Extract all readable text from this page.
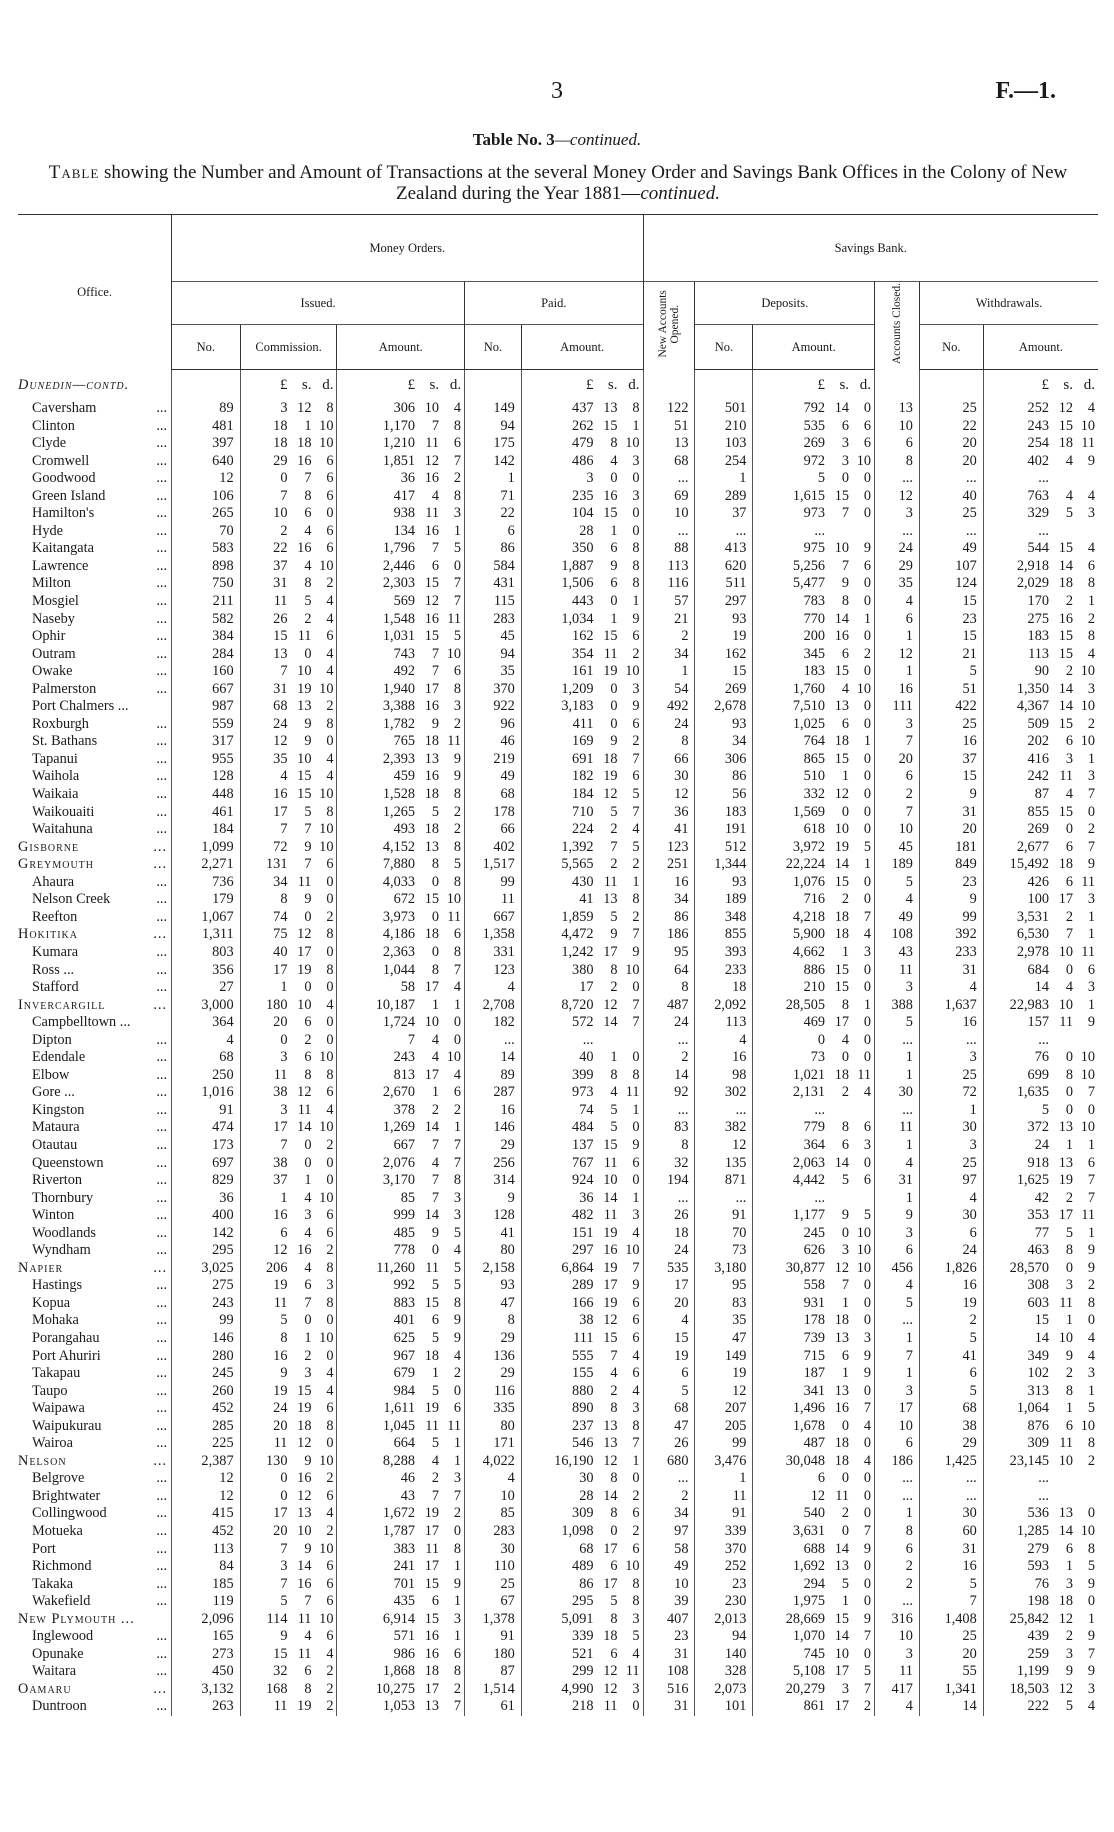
3	F.—1.
Table No. 3—continued.
Table showing the Number and Amount of Transactions at the several Money Order and Savings Bank Offices in the Colony of New Zealand during the Year 1881—continued.
Office.	Money Orders.					Savings Bank.					
	Issued.			Paid.		New Accounts Opened.	Deposits.		Accounts Closed.	Withdrawals.	
	No.	Commission.	Amount.	No.	Amount.		No.	Amount.		No.	Amount.
Dunedin—contd.		£ s. d.	£ s. d.		£ s. d.			£ s. d.			£ s. d.

Caversham ...	89	3 12 8	306 10 4	149	437 13 8	122	501	792 14 0	13	25	252 12 4

Clinton ...	481	18 1 10	1,170 7 8	94	262 15 1	51	210	535 6 6	10	22	243 15 10

Clyde ...	397	18 18 10	1,210 11 6	175	479 8 10	13	103	269 3 6	6	20	254 18 11

Cromwell ...	640	29 16 6	1,851 12 7	142	486 4 3	68	254	972 3 10	8	20	402 4 9

Goodwood ...	12	0 7 6	36 16 2	1	3 0 0	...	1	5 0 0	...	...	...

Green Island ...	106	7 8 6	417 4 8	71	235 16 3	69	289	1,615 15 0	12	40	763 4 4

Hamilton's ...	265	10 6 0	938 11 3	22	104 15 0	10	37	973 7 0	3	25	329 5 3

Hyde ...	70	2 4 6	134 16 1	6	28 1 0	...	...	...	...	...	...

Kaitangata ...	583	22 16 6	1,796 7 5	86	350 6 8	88	413	975 10 9	24	49	544 15 4

Lawrence ...	898	37 4 10	2,446 6 0	584	1,887 9 8	113	620	5,256 7 6	29	107	2,918 14 6

Milton ...	750	31 8 2	2,303 15 7	431	1,506 6 8	116	511	5,477 9 0	35	124	2,029 18 8

Mosgiel ...	211	11 5 4	569 12 7	115	443 0 1	57	297	783 8 0	4	15	170 2 1

Naseby ...	582	26 2 4	1,548 16 11	283	1,034 1 9	21	93	770 14 1	6	23	275 16 2

Ophir ...	384	15 11 6	1,031 15 5	45	162 15 6	2	19	200 16 0	1	15	183 15 8

Outram ...	284	13 0 4	743 7 10	94	354 11 2	34	162	345 6 2	12	21	113 15 4

Owake ...	160	7 10 4	492 7 6	35	161 19 10	1	15	183 15 0	1	5	90 2 10

Palmerston ...	667	31 19 10	1,940 17 8	370	1,209 0 3	54	269	1,760 4 10	16	51	1,350 14 3

Port Chalmers ...	987	68 13 2	3,388 16 3	922	3,183 0 9	492	2,678	7,510 13 0	111	422	4,367 14 10

Roxburgh ...	559	24 9 8	1,782 9 2	96	411 0 6	24	93	1,025 6 0	3	25	509 15 2

St. Bathans ...	317	12 9 0	765 18 11	46	169 9 2	8	34	764 18 1	7	16	202 6 10

Tapanui ...	955	35 10 4	2,393 13 9	219	691 18 7	66	306	865 15 0	20	37	416 3 1

Waihola ...	128	4 15 4	459 16 9	49	182 19 6	30	86	510 1 0	6	15	242 11 3

Waikaia ...	448	16 15 10	1,528 18 8	68	184 12 5	12	56	332 12 0	2	9	87 4 7

Waikouaiti ...	461	17 5 8	1,265 5 2	178	710 5 7	36	183	1,569 0 0	7	31	855 15 0

Waitahuna ...	184	7 7 10	493 18 2	66	224 2 4	41	191	618 10 0	10	20	269 0 2

Gisborne ...	1,099	72 9 10	4,152 13 8	402	1,392 7 5	123	512	3,972 19 5	45	181	2,677 6 7

Greymouth ...	2,271	131 7 6	7,880 8 5	1,517	5,565 2 2	251	1,344	22,224 14 1	189	849	15,492 18 9

Ahaura ...	736	34 11 0	4,033 0 8	99	430 11 1	16	93	1,076 15 0	5	23	426 6 11

Nelson Creek ...	179	8 9 0	672 15 10	11	41 13 8	34	189	716 2 0	4	9	100 17 3

Reefton ...	1,067	74 0 2	3,973 0 11	667	1,859 5 2	86	348	4,218 18 7	49	99	3,531 2 1

Hokitika ...	1,311	75 12 8	4,186 18 6	1,358	4,472 9 7	186	855	5,900 18 4	108	392	6,530 7 1

Kumara ...	803	40 17 0	2,363 0 8	331	1,242 17 9	95	393	4,662 1 3	43	233	2,978 10 11

Ross ... ...	356	17 19 8	1,044 8 7	123	380 8 10	64	233	886 15 0	11	31	684 0 6

Stafford ...	27	1 0 0	58 17 4	4	17 2 0	8	18	210 15 0	3	4	14 4 3

Invercargill ...	3,000	180 10 4	10,187 1 1	2,708	8,720 12 7	487	2,092	28,505 8 1	388	1,637	22,983 10 1

Campbelltown ...	364	20 6 0	1,724 10 0	182	572 14 7	24	113	469 17 0	5	16	157 11 9

Dipton ...	4	0 2 0	7 4 0	...	...	...	4	0 4 0	...	...	...

Edendale ...	68	3 6 10	243 4 10	14	40 1 0	2	16	73 0 0	1	3	76 0 10

Elbow ...	250	11 8 8	813 17 4	89	399 8 8	14	98	1,021 18 11	1	25	699 8 10

Gore ... ...	1,016	38 12 6	2,670 1 6	287	973 4 11	92	302	2,131 2 4	30	72	1,635 0 7

Kingston ...	91	3 11 4	378 2 2	16	74 5 1	...	...	...	...	1	5 0 0

Mataura ...	474	17 14 10	1,269 14 1	146	484 5 0	83	382	779 8 6	11	30	372 13 10

Otautau ...	173	7 0 2	667 7 7	29	137 15 9	8	12	364 6 3	1	3	24 1 1

Queenstown ...	697	38 0 0	2,076 4 7	256	767 11 6	32	135	2,063 14 0	4	25	918 13 6

Riverton ...	829	37 1 0	3,170 7 8	314	924 10 0	194	871	4,442 5 6	31	97	1,625 19 7

Thornbury ...	36	1 4 10	85 7 3	9	36 14 1	...	...	...	1	4	42 2 7

Winton ...	400	16 3 6	999 14 3	128	482 11 3	26	91	1,177 9 5	9	30	353 17 11

Woodlands ...	142	6 4 6	485 9 5	41	151 19 4	18	70	245 0 10	3	6	77 5 1

Wyndham ...	295	12 16 2	778 0 4	80	297 16 10	24	73	626 3 10	6	24	463 8 9

Napier ...	3,025	206 4 8	11,260 11 5	2,158	6,864 19 7	535	3,180	30,877 12 10	456	1,826	28,570 0 9

Hastings ...	275	19 6 3	992 5 5	93	289 17 9	17	95	558 7 0	4	16	308 3 2

Kopua ...	243	11 7 8	883 15 8	47	166 19 6	20	83	931 1 0	5	19	603 11 8

Mohaka ...	99	5 0 0	401 6 9	8	38 12 6	4	35	178 18 0	...	2	15 1 0

Porangahau ...	146	8 1 10	625 5 9	29	111 15 6	15	47	739 13 3	1	5	14 10 4

Port Ahuriri ...	280	16 2 0	967 18 4	136	555 7 4	19	149	715 6 9	7	41	349 9 4

Takapau ...	245	9 3 4	679 1 2	29	155 4 6	6	19	187 1 9	1	6	102 2 3

Taupo ...	260	19 15 4	984 5 0	116	880 2 4	5	12	341 13 0	3	5	313 8 1

Waipawa ...	452	24 19 6	1,611 19 6	335	890 8 3	68	207	1,496 16 7	17	68	1,064 1 5

Waipukurau ...	285	20 18 8	1,045 11 11	80	237 13 8	47	205	1,678 0 4	10	38	876 6 10

Wairoa ...	225	11 12 0	664 5 1	171	546 13 7	26	99	487 18 0	6	29	309 11 8

Nelson ...	2,387	130 9 10	8,288 4 1	4,022	16,190 12 1	680	3,476	30,048 18 4	186	1,425	23,145 10 2

Belgrove ...	12	0 16 2	46 2 3	4	30 8 0	...	1	6 0 0	...	...	...

Brightwater ...	12	0 12 6	43 7 7	10	28 14 2	2	11	12 11 0	...	...	...

Collingwood ...	415	17 13 4	1,672 19 2	85	309 8 6	34	91	540 2 0	1	30	536 13 0

Motueka ...	452	20 10 2	1,787 17 0	283	1,098 0 2	97	339	3,631 0 7	8	60	1,285 14 10

Port ...	113	7 9 10	383 11 8	30	68 17 6	58	370	688 14 9	6	31	279 6 8

Richmond ...	84	3 14 6	241 17 1	110	489 6 10	49	252	1,692 13 0	2	16	593 1 5

Takaka ...	185	7 16 6	701 15 9	25	86 17 8	10	23	294 5 0	2	5	76 3 9

Wakefield ...	119	5 7 6	435 6 1	67	295 5 8	39	230	1,975 1 0	...	7	198 18 0

New Plymouth ...	2,096	114 11 10	6,914 15 3	1,378	5,091 8 3	407	2,013	28,669 15 9	316	1,408	25,842 12 1

Inglewood ...	165	9 4 6	571 16 1	91	339 18 5	23	94	1,070 14 7	10	25	439 2 9

Opunake ...	273	15 11 4	986 16 6	180	521 6 4	31	140	745 10 0	3	20	259 3 7

Waitara ...	450	32 6 2	1,868 18 8	87	299 12 11	108	328	5,108 17 5	11	55	1,199 9 9

Oamaru ...	3,132	168 8 2	10,275 17 2	1,514	4,990 12 3	516	2,073	20,279 3 7	417	1,341	18,503 12 3

Duntroon ...	263	11 19 2	1,053 13 7	61	218 11 0	31	101	861 17 2	4	14	222 5 4
